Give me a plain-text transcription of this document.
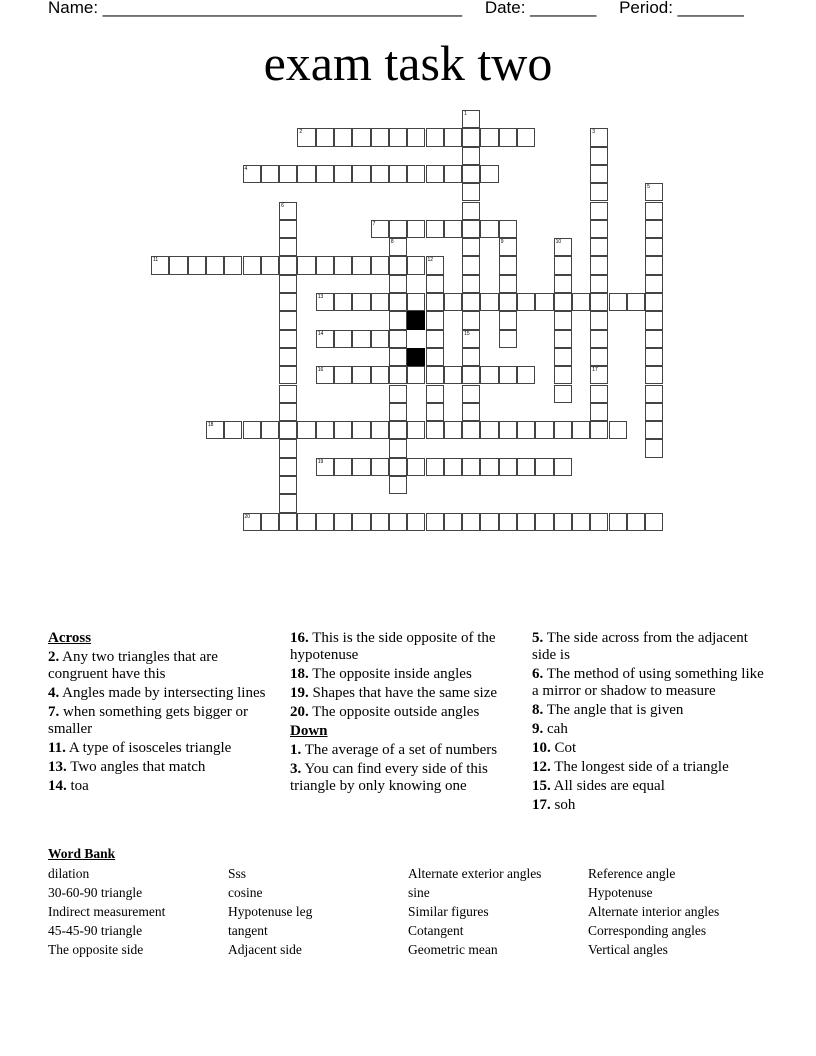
Name: ______________________________________ Date: _______ Period: _______
exam task two
2
4
7
11	12
13
14
16
18
19
20
1
15
3
17
5
6
8	9	10
Across
2. Any two triangles that are congruent have this
4. Angles made by intersecting lines
7. when something gets bigger or smaller
11. A type of isosceles triangle
13. Two angles that match
14. toa
16. This is the side opposite of the hypotenuse
18. The opposite inside angles
19. Shapes that have the same size
20. The opposite outside angles
Down
1. The average of a set of numbers
3. You can find every side of this triangle by only knowing one
5. The side across from the adjacent side is
6. The method of using something like a mirror or shadow to measure
8. The angle that is given
9. cah
10. Cot
12. The longest side of a triangle
15. All sides are equal
17. soh
Word Bank
dilation
30-60-90 triangle
Indirect measurement
45-45-90 triangle
The opposite side
Sss
cosine
Hypotenuse leg
tangent
Adjacent side
Alternate exterior angles
sine
Similar figures
Cotangent
Geometric mean
Reference angle
Hypotenuse
Alternate interior angles
Corresponding angles
Vertical angles
